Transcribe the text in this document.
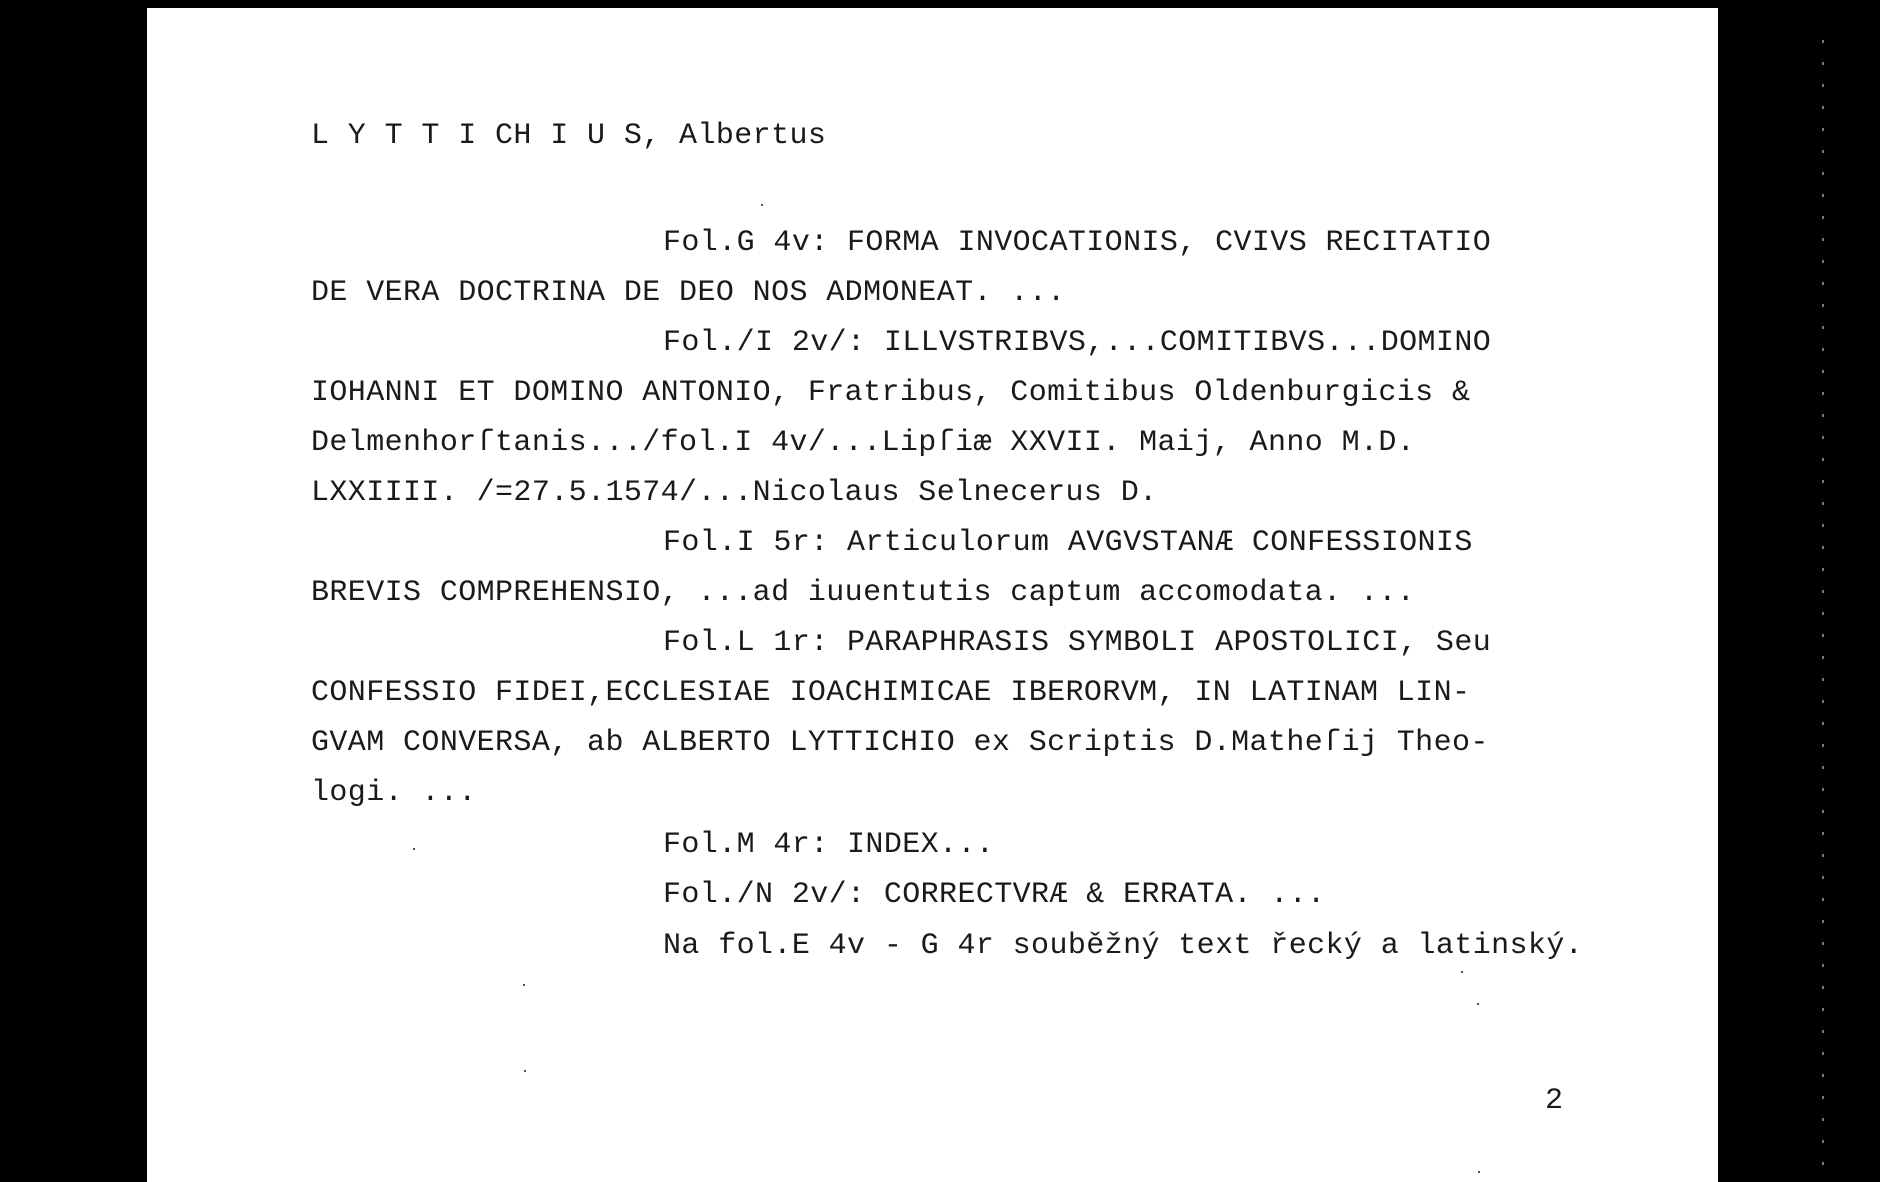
L Y T T I CH I U S, Albertus
Fol.G 4v: FORMA INVOCATIONIS, CVIVS RECITATIO
DE VERA DOCTRINA DE DEO NOS ADMONEAT. ...
Fol./I 2v/: ILLVSTRIBVS,...COMITIBVS...DOMINO
IOHANNI ET DOMINO ANTONIO, Fratribus, Comitibus Oldenburgicis &
Delmenhorſtanis.../fol.I 4v/...Lipſiæ XXVII. Maij, Anno M.D.
LXXIIII. /=27.5.1574/...Nicolaus Selnecerus D.
Fol.I 5r: Articulorum AVGVSTANÆ CONFESSIONIS
BREVIS COMPREHENSIO, ...ad iuuentutis captum accomodata. ...
Fol.L 1r: PARAPHRASIS SYMBOLI APOSTOLICI, Seu
CONFESSIO FIDEI,ECCLESIAE IOACHIMICAE IBERORVM, IN LATINAM LIN-
GVAM CONVERSA, ab ALBERTO LYTTICHIO ex Scriptis D.Matheſij Theo-
logi. ...
Fol.M 4r: INDEX...
Fol./N 2v/: CORRECTVRÆ & ERRATA. ...
Na fol.E 4v - G 4r souběžný text řecký a latinský.
2
